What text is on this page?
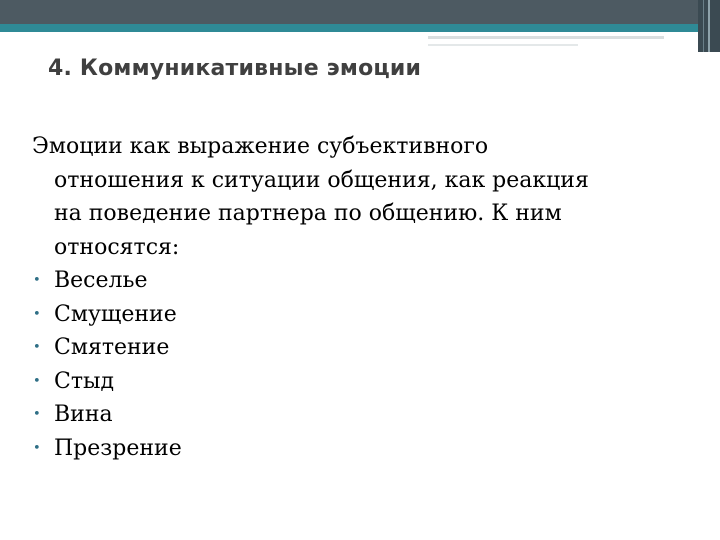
4. Коммуникативные эмоции
Эмоции как выражение субъективного отношения к ситуации общения, как реакция на поведение партнера по общению. К ним относятся:
• Веселье
• Смущение
• Смятение
• Стыд
• Вина
• Презрение
